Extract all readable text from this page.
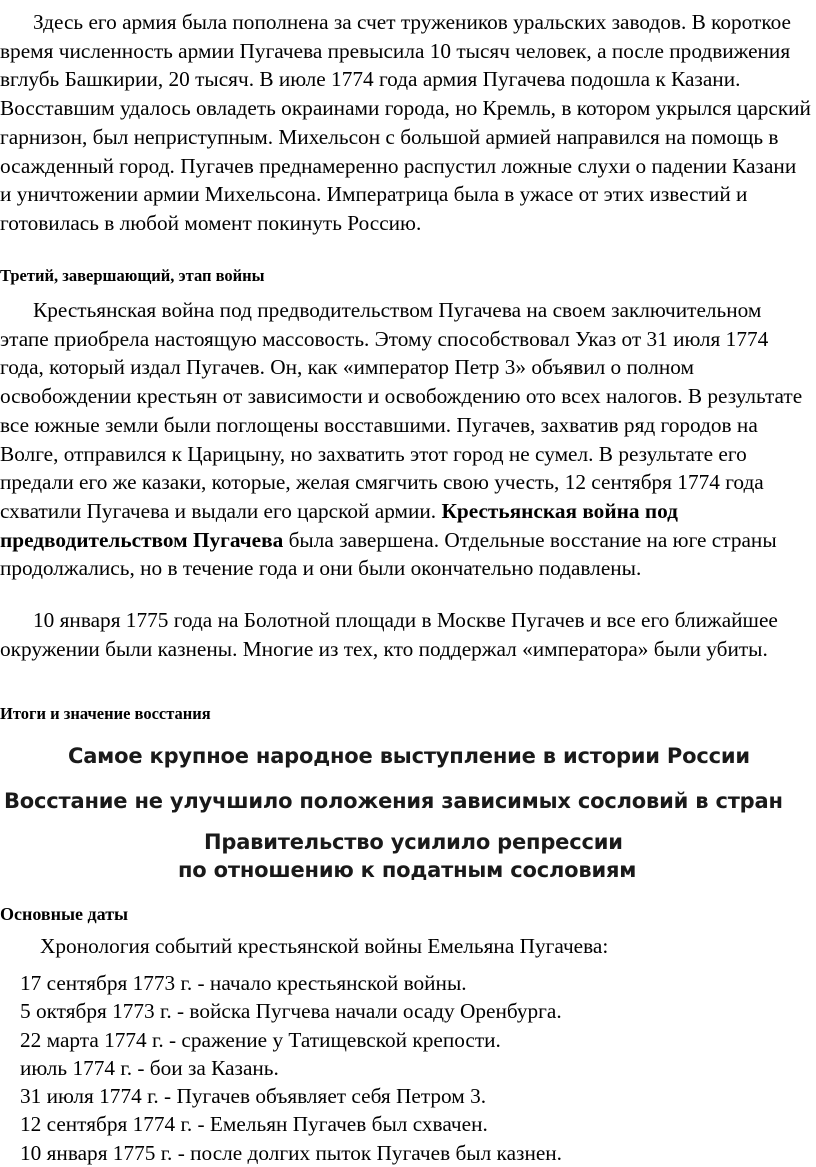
Здесь его армия была пополнена за счет тружеников уральских заводов. В короткое время численность армии Пугачева превысила 10 тысяч человек, а после продвижения вглубь Башкирии, 20 тысяч. В июле 1774 года армия Пугачева подошла к Казани. Восставшим удалось овладеть окраинами города, но Кремль, в котором укрылся царский гарнизон, был неприступным. Михельсон с большой армией направился на помощь в осажденный город. Пугачев преднамеренно распустил ложные слухи о падении Казани и уничтожении армии Михельсона. Императрица была в ужасе от этих известий и готовилась в любой момент покинуть Россию.

Третий, завершающий, этап войны

Крестьянская война под предводительством Пугачева на своем заключительном этапе приобрела настоящую массовость. Этому способствовал Указ от 31 июля 1774 года, который издал Пугачев. Он, как «император Петр 3» объявил о полном освобождении крестьян от зависимости и освобождению ото всех налогов. В результате все южные земли были поглощены восставшими. Пугачев, захватив ряд городов на Волге, отправился к Царицыну, но захватить этот город не сумел. В результате его предали его же казаки, которые, желая смягчить свою учесть, 12 сентября 1774 года схватили Пугачева и выдали его царской армии. Крестьянская война под предводительством Пугачева была завершена. Отдельные восстание на юге страны продолжались, но в течение года и они были окончательно подавлены.

10 января 1775 года на Болотной площади в Москве Пугачев и все его ближайшее окружении были казнены. Многие из тех, кто поддержал «императора» были убиты.

Итоги и значение восстания
Самое крупное народное выступление в истории России
Восстание не улучшило положения зависимых сословий в стран
Правительство усилило репрессии
по отношению к податным сословиям
Основные даты

Хронология событий крестьянской войны Емельяна Пугачева:

17 сентября 1773 г. - начало крестьянской войны.
5 октября 1773 г. - войска Пугчева начали осаду Оренбурга.
22 марта 1774 г. - сражение у Татищевской крепости.
июль 1774 г. - бои за Казань.
31 июля 1774 г. - Пугачев объявляет себя Петром 3.
12 сентября 1774 г. - Емельян Пугачев был схвачен.
10 января 1775 г. - после долгих пыток Пугачев был казнен.
